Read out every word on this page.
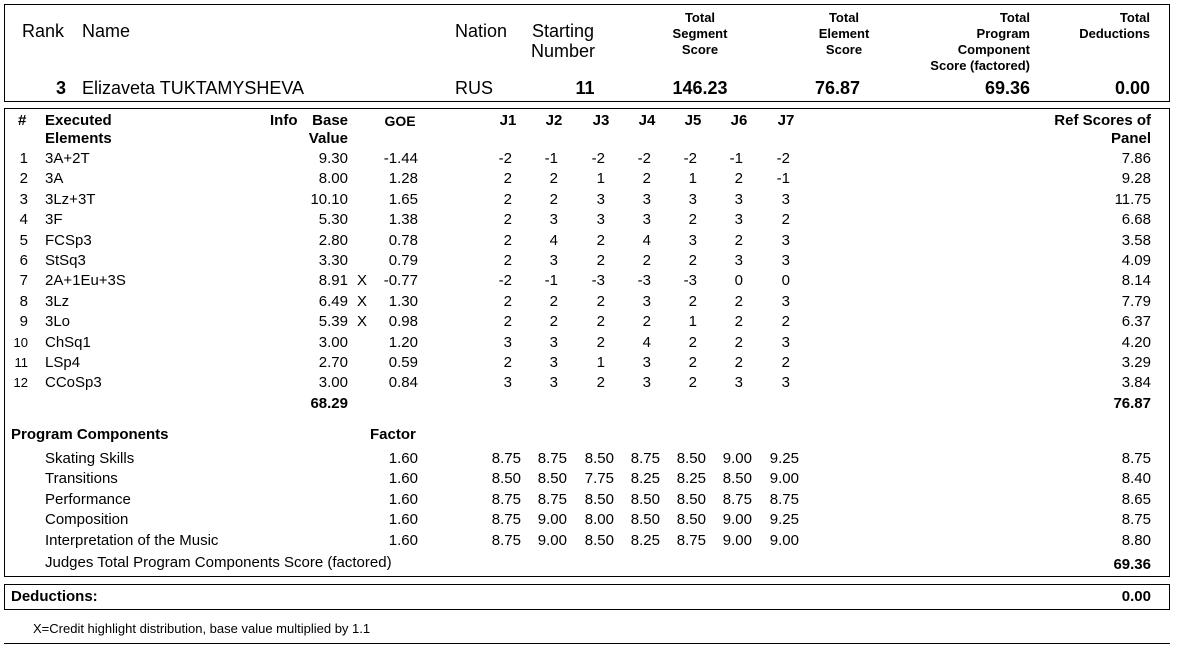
Rank Name	Nation	Starting
Number
Total
Segment
Score
Total
Element
Score
Total
Program
Component
Score (factored)
Total
Deductions
3 Elizaveta TUKTAMYSHEVA	RUS	11	146.23	76.87	69.36	0.00
# Executed
Elements
Info Base
Value
GOE	J1	J2	J3	J4	J5	J6	J7	Ref Scores of
Panel
1 3A+2T	9.30	-1.44	-2	-1	-2	-2	-2	-1	-2	7.86
2 3A	8.00	1.28	2	2	1	2	1	2	-1	9.28
3 3Lz+3T	10.10	1.65	2	2	3	3	3	3	3	11.75
4 3F	5.30	1.38	2	3	3	3	2	3	2	6.68
5 FCSp3	2.80	0.78	2	4	2	4	3	2	3	3.58
6 StSq3	3.30	0.79	2	3	2	2	2	3	3	4.09
7 2A+1Eu+3S	8.91 X	-0.77	-2	-1	-3	-3	-3	0	0	8.14
8 3Lz	6.49 X	1.30	2	2	2	3	2	2	3	7.79
9 3Lo	5.39 X	0.98	2	2	2	2	1	2	2	6.37
10 ChSq1	3.00	1.20	3	3	2	4	2	2	3	4.20
11 LSp4	2.70	0.59	2	3	1	3	2	2	2	3.29
12 CCoSp3	3.00	0.84	3	3	2	3	2	3	3	3.84
68.29	76.87
Program Components	Factor
Skating Skills	1.60	8.75	8.75	8.50	8.75	8.50	9.00	9.25	8.75
Transitions	1.60	8.50	8.50	7.75	8.25	8.25	8.50	9.00	8.40
Performance	1.60	8.75	8.75	8.50	8.50	8.50	8.75	8.75	8.65
Composition	1.60	8.75	9.00	8.00	8.50	8.50	9.00	9.25	8.75
Interpretation of the Music	1.60	8.75	9.00	8.50	8.25	8.75	9.00	9.00	8.80
Judges Total Program Components Score (factored)	69.36
Deductions:	0.00
X=Credit highlight distribution, base value multiplied by 1.1
